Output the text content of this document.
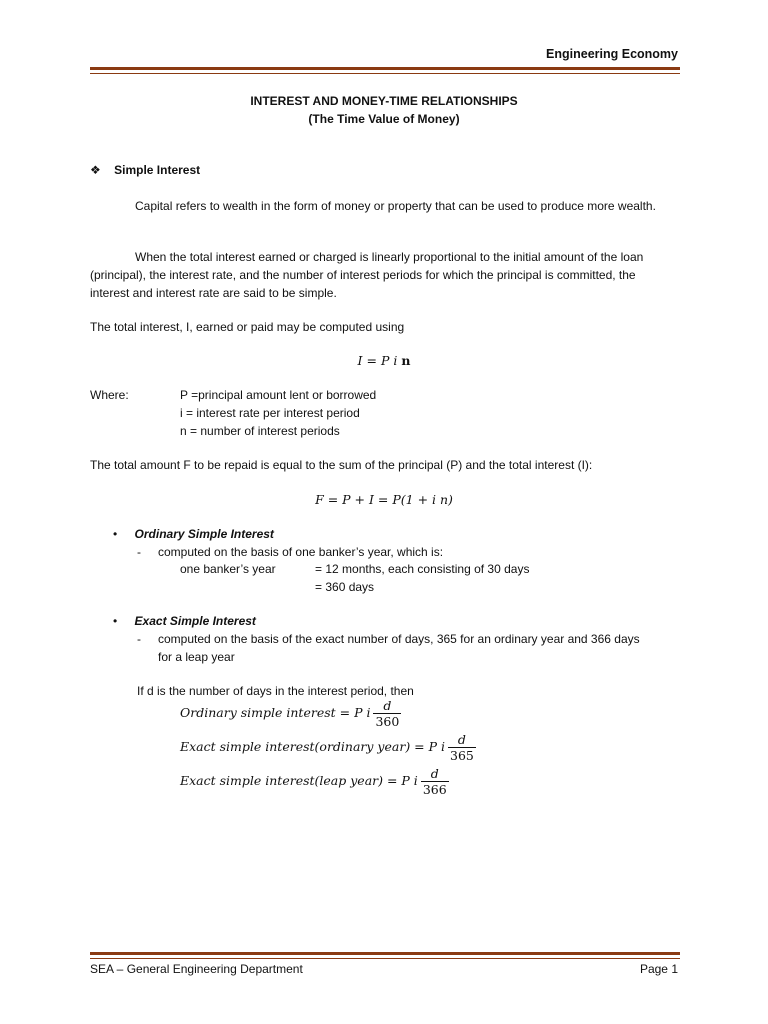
Engineering Economy
INTEREST AND MONEY-TIME RELATIONSHIPS
(The Time Value of Money)
❖ Simple Interest
Capital refers to wealth in the form of money or property that can be used to produce more wealth.
When the total interest earned or charged is linearly proportional to the initial amount of the loan (principal), the interest rate, and the number of interest periods for which the principal is committed, the interest and interest rate are said to be simple.
The total interest, I, earned or paid may be computed using
I = P i n
Where:	P =principal amount lent or borrowed
i = interest rate per interest period
n = number of interest periods
The total amount F to be repaid is equal to the sum of the principal (P) and the total interest (I):
F = P + I = P(1 + i n)
• Ordinary Simple Interest
- computed on the basis of one banker’s year, which is:
one banker’s year	= 12 months, each consisting of 30 days
= 360 days
• Exact Simple Interest
- computed on the basis of the exact number of days, 365 for an ordinary year and 366 days
for a leap year
If d is the number of days in the interest period, then
Ordinary simple interest = P i $\frac{d}{360}$
Exact simple interest(ordinary year) = P i $\frac{d}{365}$
Exact simple interest(leap year) = P i $\frac{d}{366}$
SEA – General Engineering Department	Page 1
